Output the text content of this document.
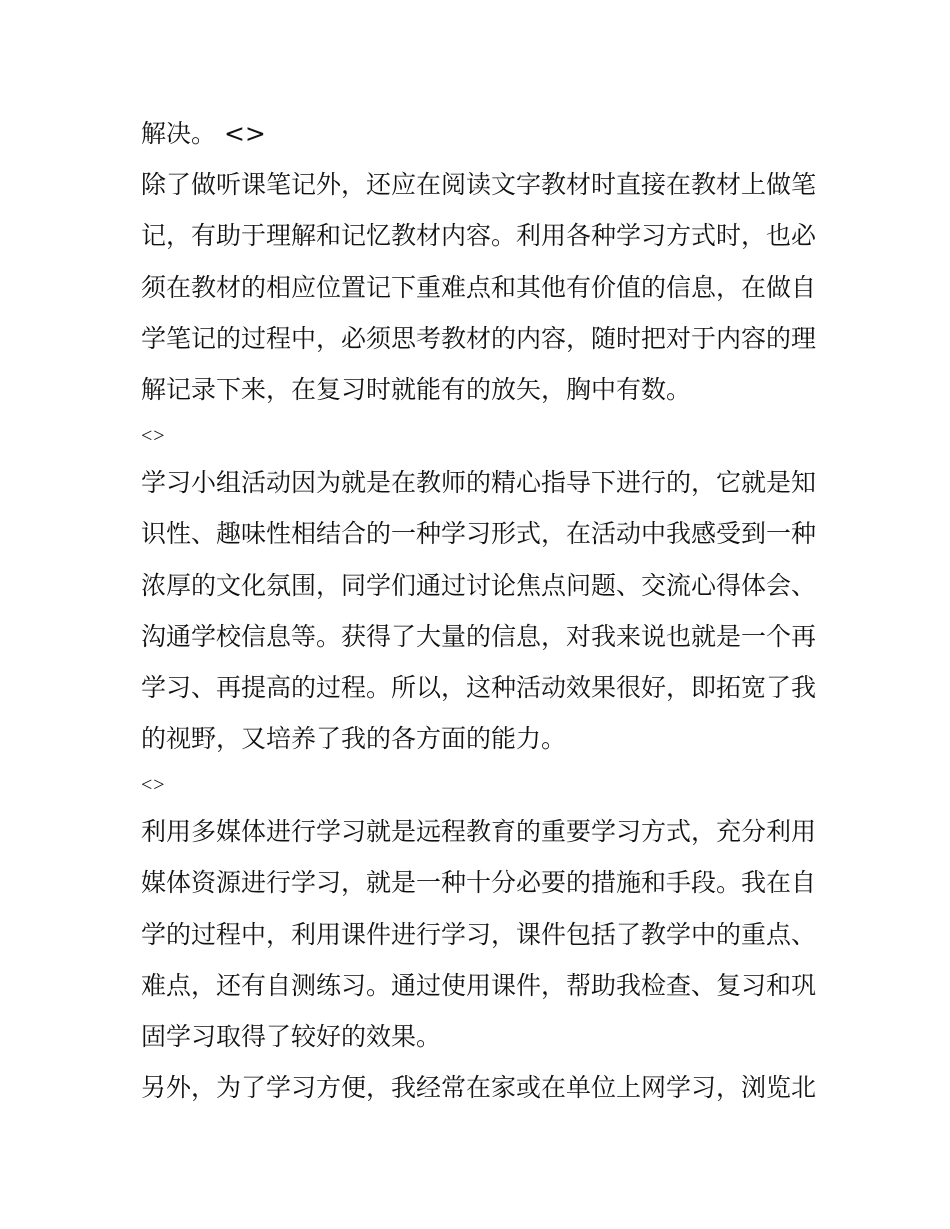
解决。 <>
除了做听课笔记外，还应在阅读文字教材时直接在教材上做笔
记，有助于理解和记忆教材内容。利用各种学习方式时，也必
须在教材的相应位置记下重难点和其他有价值的信息，在做自
学笔记的过程中，必须思考教材的内容，随时把对于内容的理
解记录下来，在复习时就能有的放矢，胸中有数。
<>
学习小组活动因为就是在教师的精心指导下进行的，它就是知
识性、趣味性相结合的一种学习形式，在活动中我感受到一种
浓厚的文化氛围，同学们通过讨论焦点问题、交流心得体会、
沟通学校信息等。获得了大量的信息，对我来说也就是一个再
学习、再提高的过程。所以，这种活动效果很好，即拓宽了我
的视野，又培养了我的各方面的能力。
<>
利用多媒体进行学习就是远程教育的重要学习方式，充分利用
媒体资源进行学习，就是一种十分必要的措施和手段。我在自
学的过程中，利用课件进行学习，课件包括了教学中的重点、
难点，还有自测练习。通过使用课件，帮助我检查、复习和巩
固学习取得了较好的效果。
另外，为了学习方便，我经常在家或在单位上网学习，浏览北
